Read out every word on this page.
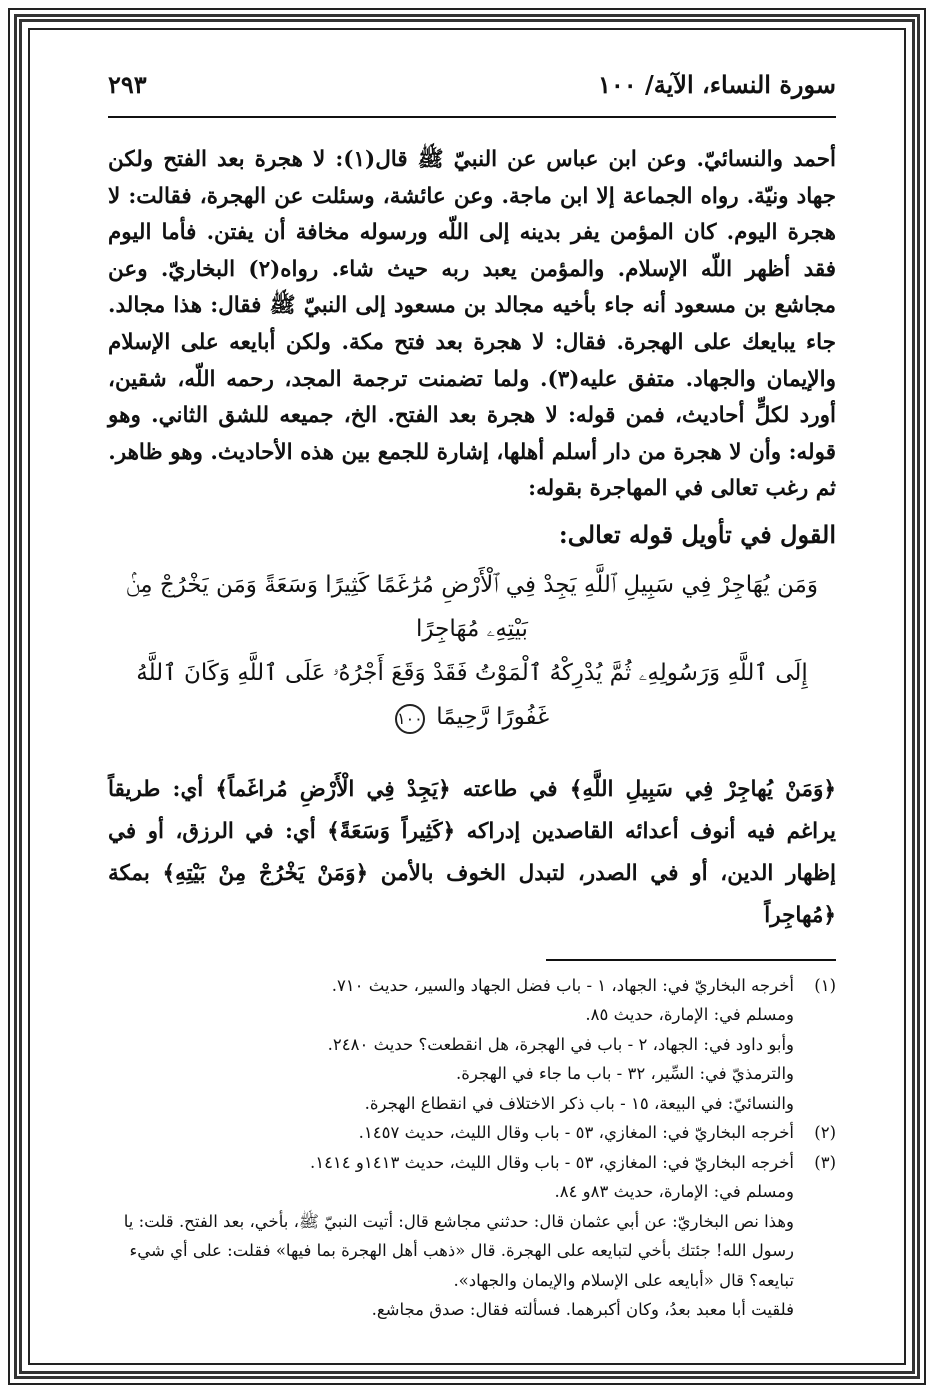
سورة النساء، الآية/ ١٠٠
٢٩٣

أحمد والنسائيّ. وعن ابن عباس عن النبيّ ﷺ قال(١): لا هجرة بعد الفتح ولكن جهاد ونيّة. رواه الجماعة إلا ابن ماجة. وعن عائشة، وسئلت عن الهجرة، فقالت: لا هجرة اليوم. كان المؤمن يفر بدينه إلى اللّه ورسوله مخافة أن يفتن. فأما اليوم فقد أظهر اللّه الإسلام. والمؤمن يعبد ربه حيث شاء. رواه(٢) البخاريّ. وعن مجاشع بن مسعود أنه جاء بأخيه مجالد بن مسعود إلى النبيّ ﷺ فقال: هذا مجالد. جاء يبايعك على الهجرة. فقال: لا هجرة بعد فتح مكة. ولكن أبايعه على الإسلام والإيمان والجهاد. متفق عليه(٣). ولما تضمنت ترجمة المجد، رحمه اللّه، شقين، أورد لكلٍّ أحاديث، فمن قوله: لا هجرة بعد الفتح. الخ، جميعه للشق الثاني. وهو قوله: وأن لا هجرة من دار أسلم أهلها، إشارة للجمع بين هذه الأحاديث. وهو ظاهر.

ثم رغب تعالى في المهاجرة بقوله:

القول في تأويل قوله تعالى:
وَمَن يُهَاجِرْ فِي سَبِيلِ ٱللَّهِ يَجِدْ فِي ٱلْأَرْضِ مُرَٰغَمًا كَثِيرًا وَسَعَةً وَمَن يَخْرُجْ مِنۢ بَيْتِهِۦ مُهَاجِرًا
إِلَى ٱللَّهِ وَرَسُولِهِۦ ثُمَّ يُدْرِكْهُ ٱلْمَوْتُ فَقَدْ وَقَعَ أَجْرُهُۥ عَلَى ٱللَّهِ وَكَانَ ٱللَّهُ غَفُورًا رَّحِيمًا ١٠٠
﴿وَمَنْ يُهاجِرْ فِي سَبِيلِ اللَّهِ﴾ في طاعته ﴿يَجِدْ فِي الْأَرْضِ مُراغَماً﴾ أي: طريقاً يراغم فيه أنوف أعدائه القاصدين إدراكه ﴿كَثِيراً وَسَعَةً﴾ أي: في الرزق، أو في إظهار الدين، أو في الصدر، لتبدل الخوف بالأمن ﴿وَمَنْ يَخْرُجْ مِنْ بَيْتِهِ﴾ بمكة ﴿مُهاجِراً
(١)
أخرجه البخاريّ في: الجهاد، ١ - باب فضل الجهاد والسير، حديث ٧١٠.
ومسلم في: الإمارة، حديث ٨٥.
وأبو داود في: الجهاد، ٢ - باب في الهجرة، هل انقطعت؟ حديث ٢٤٨٠.
والترمذيّ في: السِّير، ٣٢ - باب ما جاء في الهجرة.
والنسائيّ: في البيعة، ١٥ - باب ذكر الاختلاف في انقطاع الهجرة.
(٢)
أخرجه البخاريّ في: المغازي، ٥٣ - باب وقال الليث، حديث ١٤٥٧.
(٣)
أخرجه البخاريّ في: المغازي، ٥٣ - باب وقال الليث، حديث ١٤١٣و ١٤١٤.
ومسلم في: الإمارة، حديث ٨٣و ٨٤.
وهذا نص البخاريّ: عن أبي عثمان قال: حدثني مجاشع قال: أتيت النبيّ ﷺ، بأخي، بعد الفتح. قلت: يا رسول الله! جئتك بأخي لتبايعه على الهجرة. قال «ذهب أهل الهجرة بما فيها» فقلت: على أي شيء تبايعه؟ قال «أبايعه على الإسلام والإيمان والجهاد».
فلقيت أبا معبد بعدُ، وكان أكبرهما. فسألته فقال: صدق مجاشع.
